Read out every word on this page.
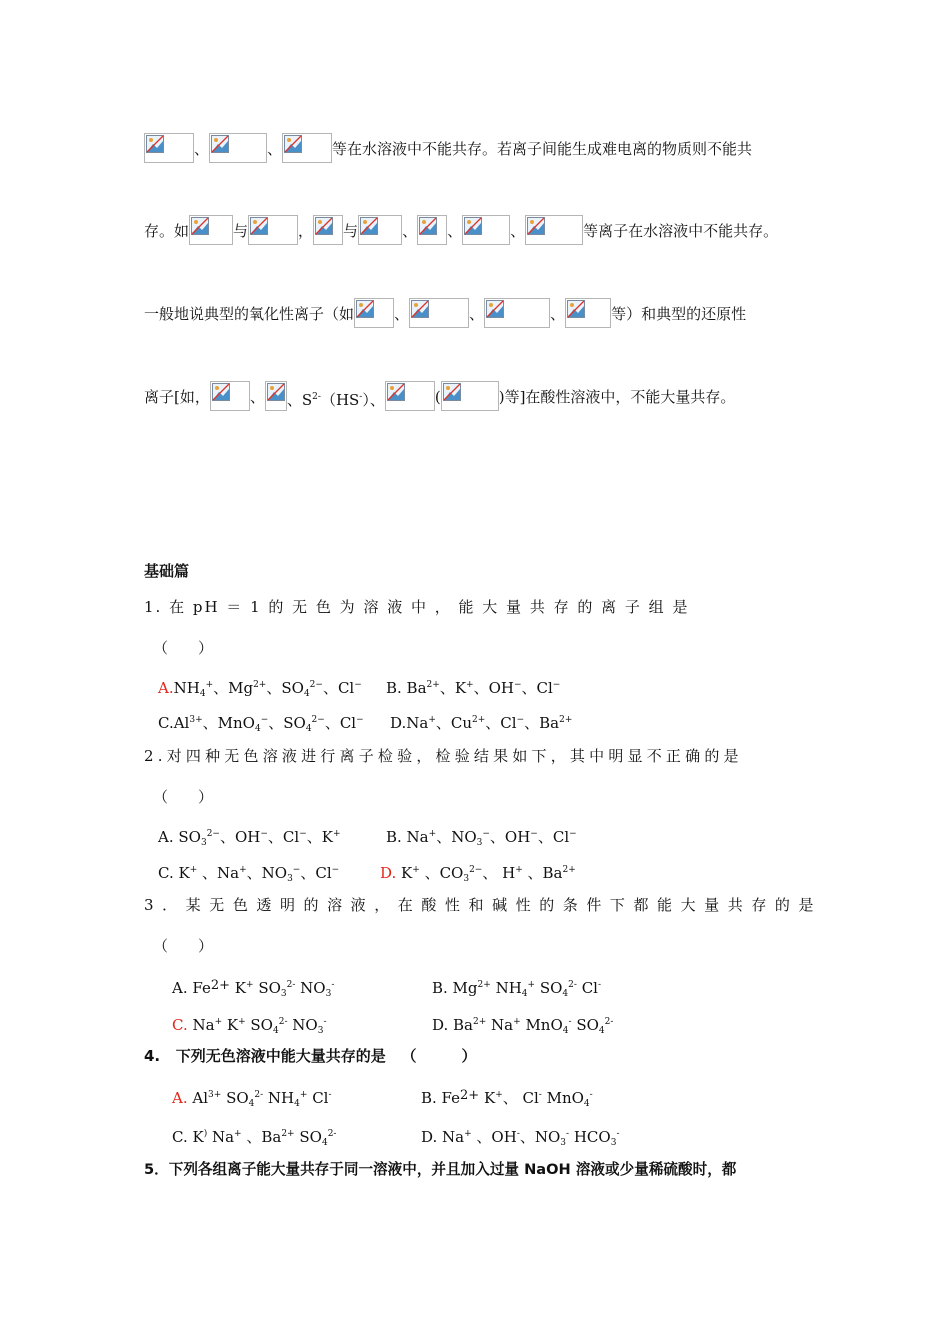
、	、	等在水溶液中不能共存。若离子间能生成难电离的物质则不能共
存。如	与	， 与	、 、	、	等离子在水溶液中不能共存。
一般地说典型的氧化性离子（如	、	、	、	等）和典型的还原性
离子[如，	、 、$S^{2-}(HS^-)$、	(	)等]在酸性溶液中，不能大量共存。
基础篇
1. 在 pH ＝ 1 的 无 色 为 溶 液 中 ， 能 大 量 共 存 的 离 子 组 是
（　　）
$A.NH_4^+$、$Mg^{2+}$、$SO_4^{2-}$、Cl− B. $Ba^{2+}$、K+、OH−、Cl−
$C.Al^{3+}$、MnO$_4$−、$SO_4^{2-}$、Cl− D.Na+、$Cu^{2+}$、Cl−、$Ba^{2+}$
2.对四种无色溶液进行离子检验，检验结果如下，其中明显不正确的是
（　　）
A. $SO_3^{2-}$、OH−、Cl−、K+	B. Na+、$NO_3^-$、OH−、Cl−
C. K+ 、Na+、$NO_3^-$、Cl−	D. K+ 、$CO_3^{2-}$、 H+ 、$Ba^{2+}$
3 ． 某 无 色 透 明 的 溶 液 ， 在 酸 性 和 碱 性 的 条 件 下 都 能 大 量 共 存 的 是
（　　）
A. Fe2+ K+ $SO_3^{2-}$ $NO_3^-$	B. $Mg^{2+}$ $NH_4^+$ $SO_4^{2-}$ Cl-
C. Na+ K+ $SO_4^{2-}$ $NO_3^-$	D. $Ba^{2+}$ Na+ MnO$_4$- $SO_4^{2-}$
4.   下列无色溶液中能大量共存的是   （　　　）
A. $Al^{3+}$ $SO_4^{2-}$ $NH_4^+$ Cl-	B. Fe2+ K+、 Cl- MnO$_4$-
C. K) Na+ 、$Ba^{2+}$ $SO_4^{2-}$	D. Na+ 、OH-、$NO_3^-$ $HCO_3^-$
5．下列各组离子能大量共存于同一溶液中，并且加入过量 NaOH 溶液或少量稀硫酸时，都
